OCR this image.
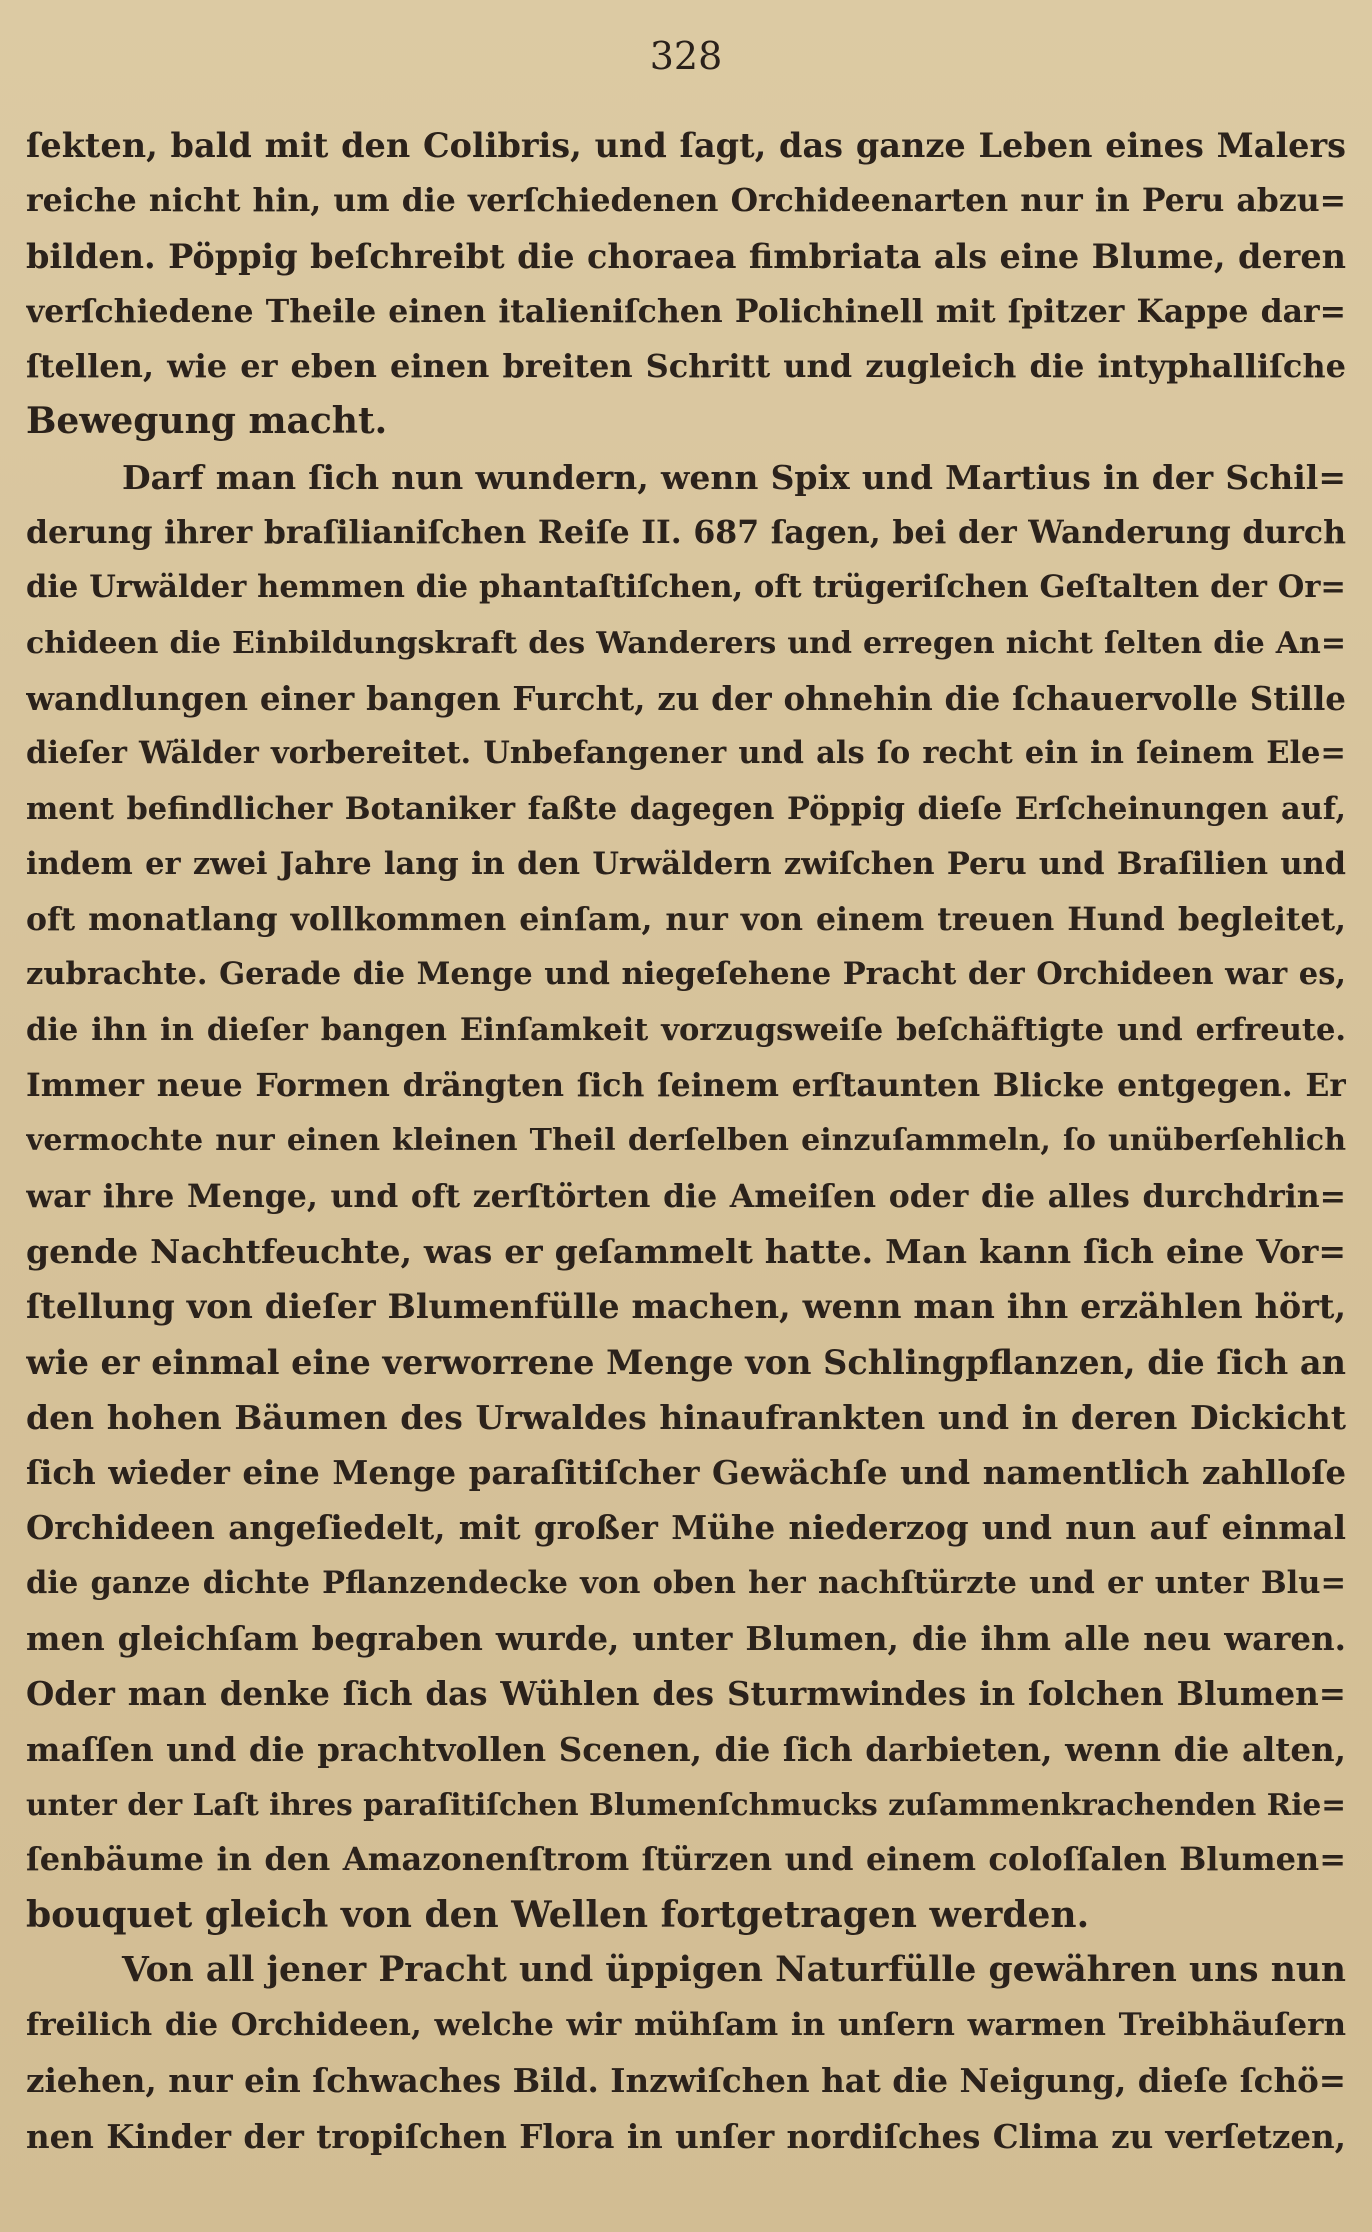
328
ſekten, bald mit den Colibris, und ſagt, das ganze Leben eines Malers
reiche nicht hin, um die verſchiedenen Orchideenarten nur in Peru abzu=
bilden. Pöppig beſchreibt die choraea fimbriata als eine Blume, deren
verſchiedene Theile einen italieniſchen Polichinell mit ſpitzer Kappe dar=
ſtellen, wie er eben einen breiten Schritt und zugleich die intyphalliſche
Bewegung macht.
Darf man ſich nun wundern, wenn Spix und Martius in der Schil=
derung ihrer braſilianiſchen Reiſe II. 687 ſagen, bei der Wanderung durch
die Urwälder hemmen die phantaſtiſchen, oft trügeriſchen Geſtalten der Or=
chideen die Einbildungskraft des Wanderers und erregen nicht ſelten die An=
wandlungen einer bangen Furcht, zu der ohnehin die ſchauervolle Stille
dieſer Wälder vorbereitet. Unbefangener und als ſo recht ein in ſeinem Ele=
ment befindlicher Botaniker faßte dagegen Pöppig dieſe Erſcheinungen auf,
indem er zwei Jahre lang in den Urwäldern zwiſchen Peru und Braſilien und
oft monatlang vollkommen einſam, nur von einem treuen Hund begleitet,
zubrachte. Gerade die Menge und niegeſehene Pracht der Orchideen war es,
die ihn in dieſer bangen Einſamkeit vorzugsweiſe beſchäftigte und erfreute.
Immer neue Formen drängten ſich ſeinem erſtaunten Blicke entgegen. Er
vermochte nur einen kleinen Theil derſelben einzuſammeln, ſo unüberſehlich
war ihre Menge, und oft zerſtörten die Ameiſen oder die alles durchdrin=
gende Nachtfeuchte, was er geſammelt hatte. Man kann ſich eine Vor=
ſtellung von dieſer Blumenfülle machen, wenn man ihn erzählen hört,
wie er einmal eine verworrene Menge von Schlingpflanzen, die ſich an
den hohen Bäumen des Urwaldes hinaufrankten und in deren Dickicht
ſich wieder eine Menge paraſitiſcher Gewächſe und namentlich zahlloſe
Orchideen angeſiedelt, mit großer Mühe niederzog und nun auf einmal
die ganze dichte Pflanzendecke von oben her nachſtürzte und er unter Blu=
men gleichſam begraben wurde, unter Blumen, die ihm alle neu waren.
Oder man denke ſich das Wühlen des Sturmwindes in ſolchen Blumen=
maſſen und die prachtvollen Scenen, die ſich darbieten, wenn die alten,
unter der Laſt ihres paraſitiſchen Blumenſchmucks zuſammenkrachenden Rie=
ſenbäume in den Amazonenſtrom ſtürzen und einem coloſſalen Blumen=
bouquet gleich von den Wellen fortgetragen werden.
Von all jener Pracht und üppigen Naturfülle gewähren uns nun
freilich die Orchideen, welche wir mühſam in unſern warmen Treibhäuſern
ziehen, nur ein ſchwaches Bild. Inzwiſchen hat die Neigung, dieſe ſchö=
nen Kinder der tropiſchen Flora in unſer nordiſches Clima zu verſetzen,
